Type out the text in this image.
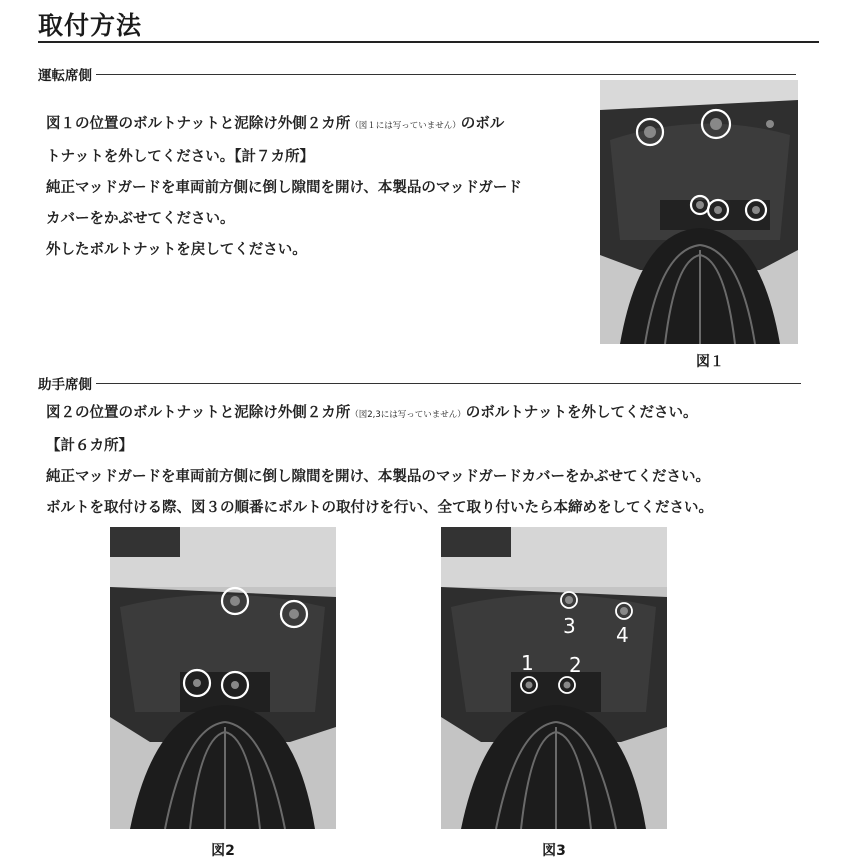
取付方法
運転席側
図１の位置のボルトナットと泥除け外側２カ所（図１には写っていません）のボル
トナットを外してください。【計７カ所】
純正マッドガードを車両前方側に倒し隙間を開け、本製品のマッドガード
カバーをかぶせてください。
外したボルトナットを戻してください。
図１
助手席側
図２の位置のボルトナットと泥除け外側２カ所（図2,3には写っていません）のボルトナットを外してください。
【計６カ所】
純正マッドガードを車両前方側に倒し隙間を開け、本製品のマッドガードカバーをかぶせてください。
ボルトを取付ける際、図３の順番にボルトの取付けを行い、全て取り付いたら本締めをしてください。
図2
1 2
3 4
図3
